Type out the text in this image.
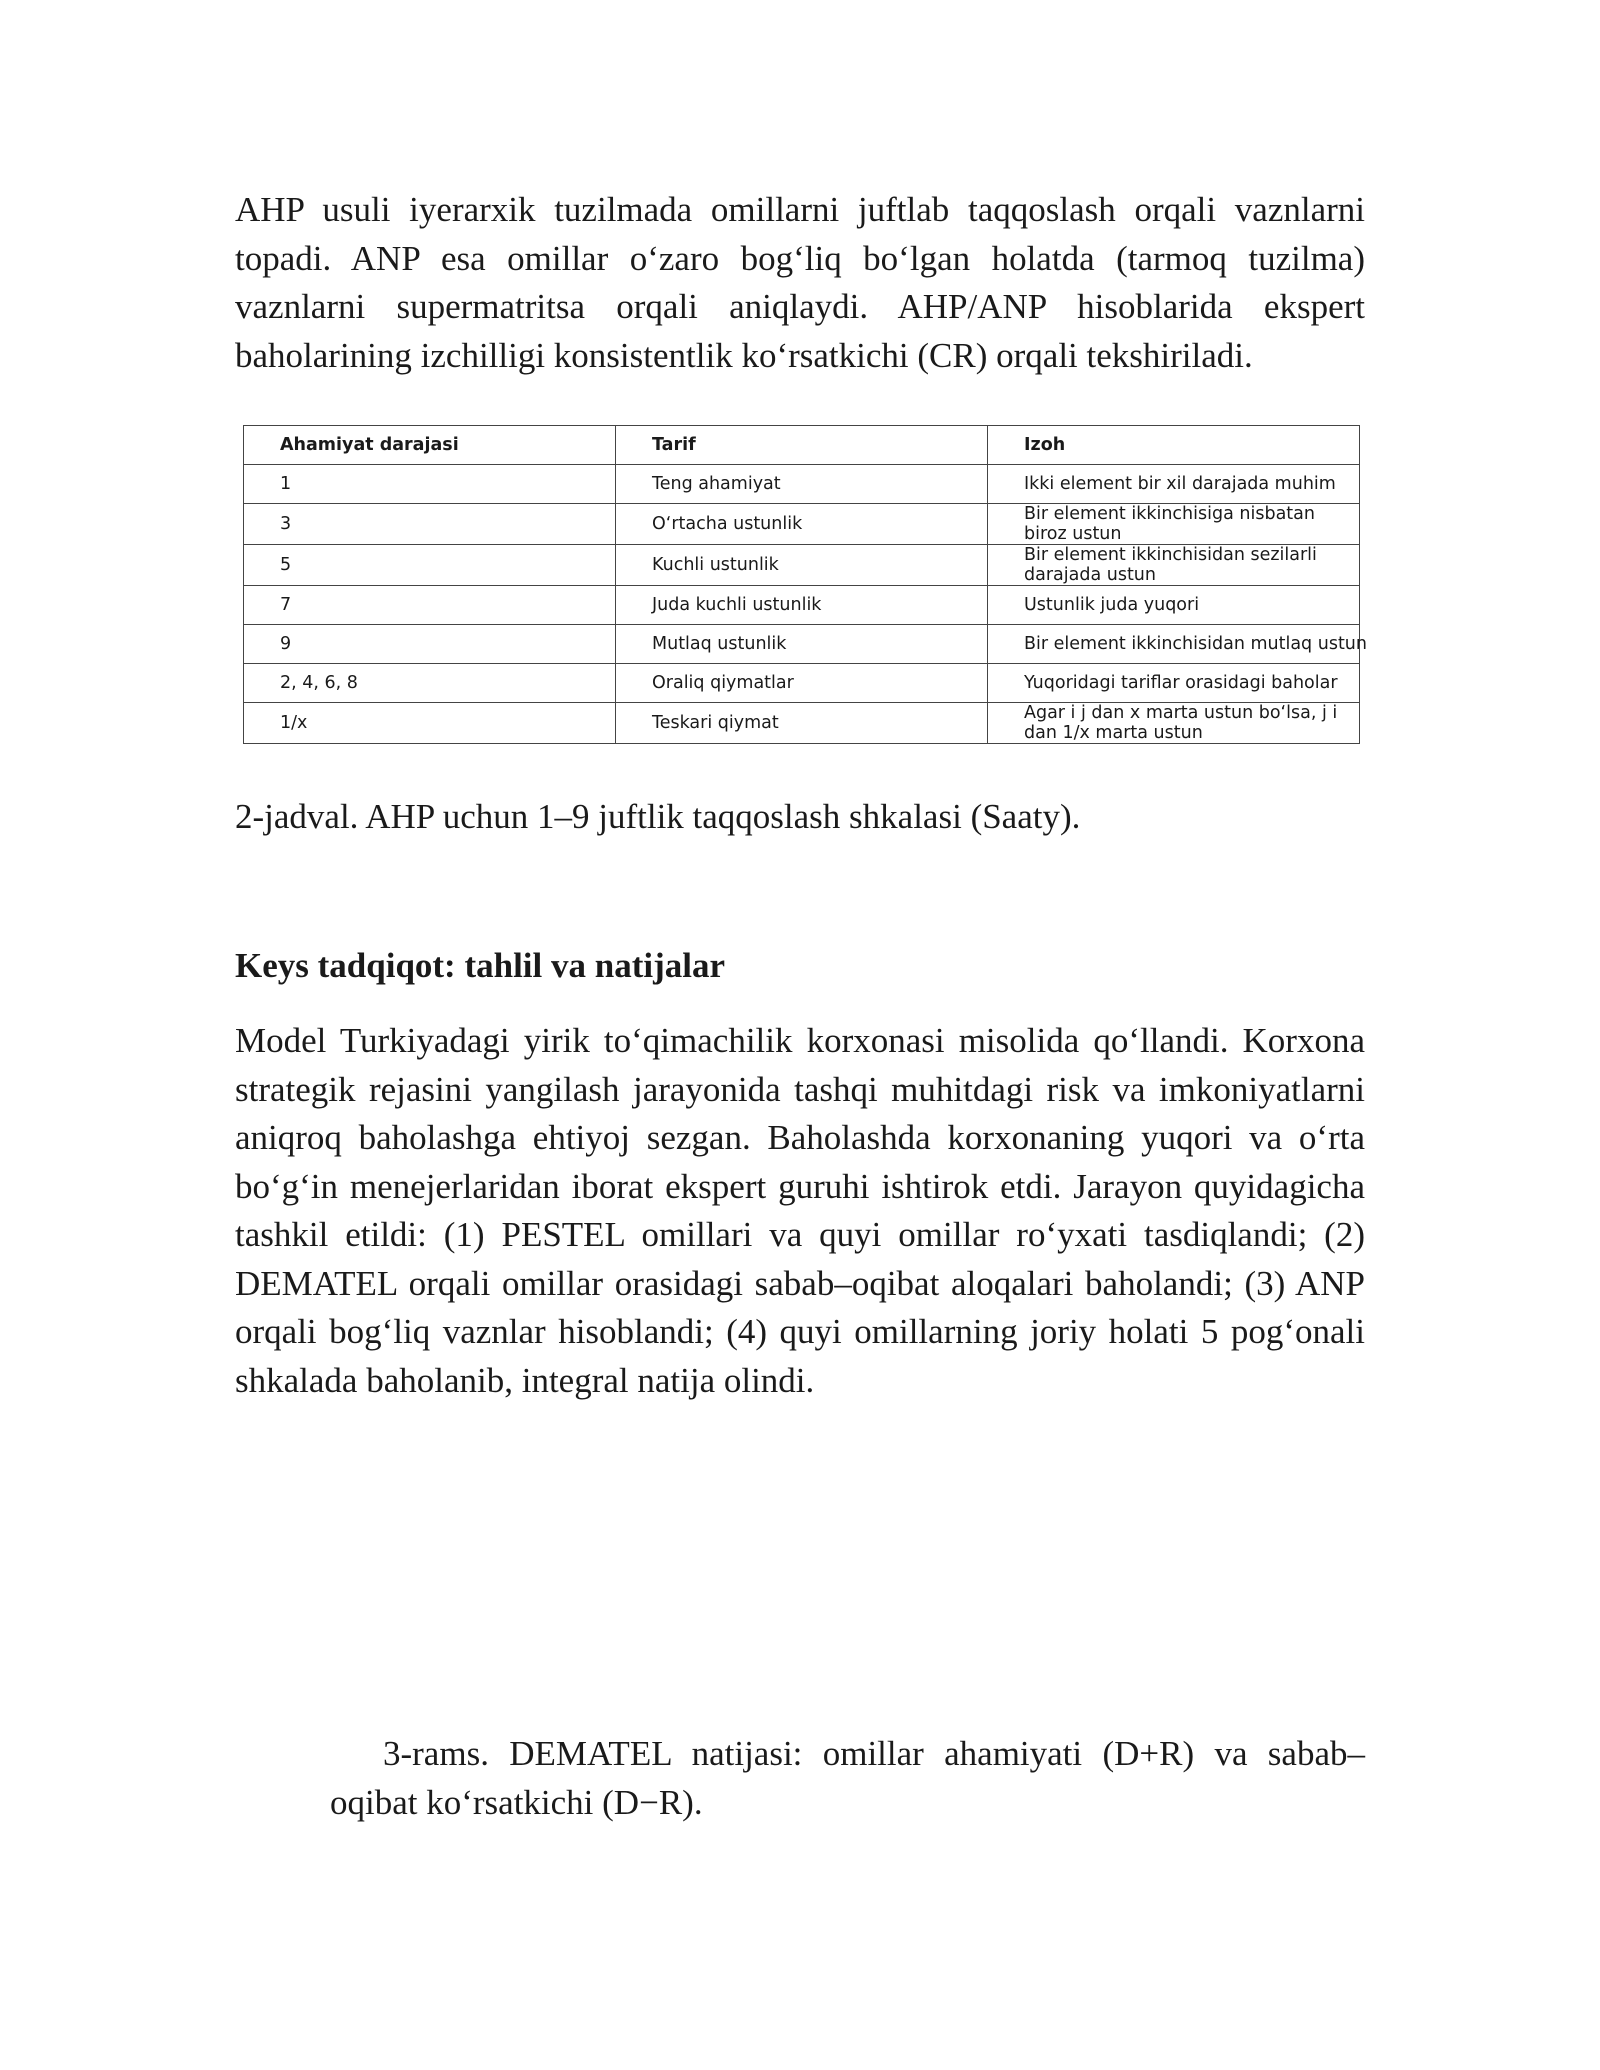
AHP usuli iyerarxik tuzilmada omillarni juftlab taqqoslash orqali vaznlarni topadi. ANP esa omillar o‘zaro bog‘liq bo‘lgan holatda (tarmoq tuzilma) vaznlarni supermatritsa orqali aniqlaydi. AHP/ANP hisoblarida ekspert baholarining izchilligi konsistentlik ko‘rsatkichi (CR) orqali tekshiriladi.

Ahamiyat darajasi	Tarif	Izoh
1	Teng ahamiyat	Ikki element bir xil darajada muhim
3	O‘rtacha ustunlik	Bir element ikkinchisiga nisbatan biroz ustun
5	Kuchli ustunlik	Bir element ikkinchisidan sezilarli darajada ustun
7	Juda kuchli ustunlik	Ustunlik juda yuqori
9	Mutlaq ustunlik	Bir element ikkinchisidan mutlaq ustun
2, 4, 6, 8	Oraliq qiymatlar	Yuqoridagi tariflar orasidagi baholar
1/x	Teskari qiymat	Agar i j dan x marta ustun bo‘lsa, j i dan 1/x marta ustun

2-jadval. AHP uchun 1–9 juftlik taqqoslash shkalasi (Saaty).

Keys tadqiqot: tahlil va natijalar

Model Turkiyadagi yirik to‘qimachilik korxonasi misolida qo‘llandi. Korxona strategik rejasini yangilash jarayonida tashqi muhitdagi risk va imkoniyatlarni aniqroq baholashga ehtiyoj sezgan. Baholashda korxonaning yuqori va o‘rta bo‘g‘in menejerlaridan iborat ekspert guruhi ishtirok etdi. Jarayon quyidagicha tashkil etildi: (1) PESTEL omillari va quyi omillar ro‘yxati tasdiqlandi; (2) DEMATEL orqali omillar orasidagi sabab–oqibat aloqalari baholandi; (3) ANP orqali bog‘liq vaznlar hisoblandi; (4) quyi omillarning joriy holati 5 pog‘onali shkalada baholanib, integral natija olindi.

3-rams. DEMATEL natijasi: omillar ahamiyati (D+R) va sabab–oqibat ko‘rsatkichi (D−R).
